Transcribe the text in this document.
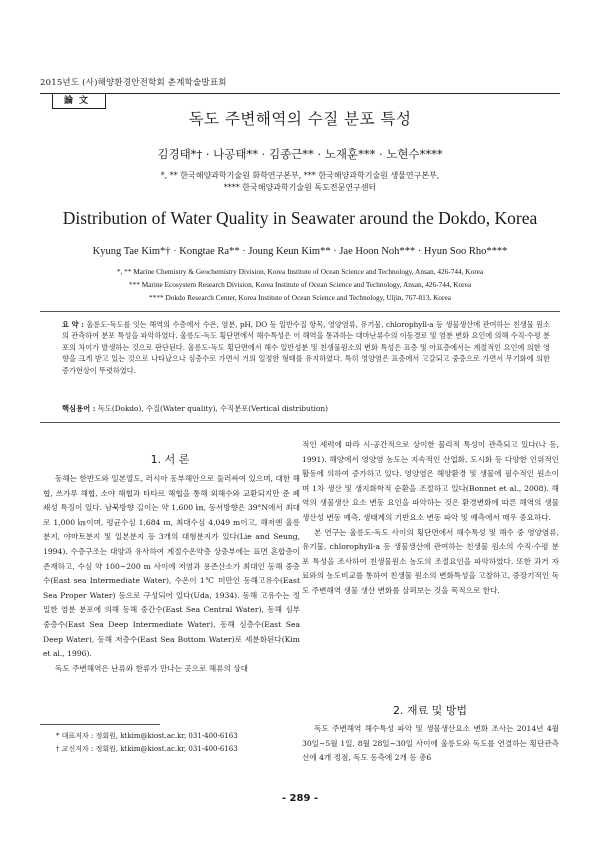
2015년도 (사)해양환경안전학회 춘계학술발표회
論文
독도 주변해역의 수질 분포 특성
김경태*† · 나공태** · 김종근** · 노재훈*** · 노현수****
*, ** 한국해양과학기술원 화학연구본부, *** 한국해양과학기술원 생물연구본부,
**** 한국해양과학기술원 독도전문연구센터
Distribution of Water Quality in Seawater around the Dokdo, Korea
Kyung Tae Kim*† · Kongtae Ra** · Joung Keun Kim** · Jae Hoon Noh*** · Hyun Soo Rho****
*, ** Marine Chemistry & Geochemistry Division, Korea Institute of Ocean Science and Technology, Ansan, 426-744, Korea
*** Marine Ecosystem Research Division, Korea Institute of Ocean Science and Technology, Ansan, 426-744, Korea
**** Dokdo Research Center, Korea Institute of Ocean Science and Technology, Uljin, 767-813, Korea
요 약 : 울릉도-독도를 잇는 해역의 수층에서 수온, 염분, pH, DO 등 일반수질 항목, 영양염류, 유기물, chlorophyll-a 등 생물생산에 관여하는 친생물 원소의 관측하여 분포 특성을 파악하였다. 울릉도-독도 횡단면에서 해수특성은 이 해역을 통과하는 대마난류수의 이동경로 및 염분 변화 요인에 의해 수직·수평 분포의 차이가 발생하는 것으로 판단된다. 울릉도-독도 횡단면에서 해수 일반성분 및 친생물원소의 변화 특성은 표층 및 아표층에서는 계절적인 요인에 의한 영향을 크게 받고 있는 것으로 나타났으나 심층수로 가면서 거의 일정한 형태를 유지하였다. 특히 영양염은 표층에서 고갈되고 중층으로 가면서 무기화에 의한 증가현상이 뚜렷하였다.
핵심용어 : 독도(Dokdo), 수질(Water quality), 수직분포(Vertical distribution)
1. 서 론

동해는 한반도와 일본열도, 러시아 동부해안으로 둘러싸여 있으며, 대한 해협, 쓰가루 해협, 소야 해협과 타타르 해협을 통해 외해수와 교환되지만 준 폐쇄성 특징이 있다. 남북방향 길이는 약 1,600 ㎞, 동서방향은 39°N에서 최대로 1,000 ㎞이며, 평균수심 1,684 m, 최대수심 4,049 m이고, 해저엔 울릉분지, 야마토분지 및 일본분지 등 3개의 대형분지가 있다(Lie and Seung, 1994). 수층구조는 대양과 유사하여 계절수온약층 상층부에는 표면 혼합층이 존재하고, 수심 약 100∼200 m 사이에 저염과 용존산소가 최대인 동해 중층수(East sea Intermediate Water), 수온이 1℃ 미만인 동해고유수(East Sea Proper Water) 등으로 구성되어 있다(Uda, 1934). 동해 고유수는 정밀한 염분 분포에 의해 동해 중간수(East Sea Central Water), 동해 심부 중층수(East Sea Deep Intermediate Water), 동해 심층수(East Sea Deep Water), 동해 저층수(East Sea Bottom Water)로 세분화된다(Kim et al., 1996).

독도 주변해역은 난류와 한류가 만나는 곳으로 해류의 상대

적인 세력에 따라 시·공간적으로 상이한 물리적 특성이 관측되고 있다(나 등, 1991). 해양에서 영양염 농도는 지속적인 산업화, 도시화 등 다양한 인위적인 활동에 의하여 증가하고 있다. 영양염은 해양환경 및 생물에 필수적인 원소이며 1차 생산 및 생지화학적 순환을 조절하고 있다(Bonnet et al., 2008). 해역의 생물생산 요소 변동 요인을 파악하는 것은 환경변화에 따른 해역의 생물생산성 변동 예측, 생태계의 기반요소 변동 파악 및 예측에서 매우 중요하다.

본 연구는 울릉도-독도 사이의 횡단면에서 해수특성 및 해수 중 영양염류, 유기물, chlorophyll-a 등 생물생산에 관여하는 친생물 원소의 수직·수평 분포 특성을 조사하여 친생물원소 농도의 조절요인을 파악하였다. 또한 과거 자료와의 농도비교를 통하여 친생물 원소의 변화특성을 고찰하고, 중장기적인 독도 주변해역 생물 생산 변화를 살펴보는 것을 목적으로 한다.

2. 재료 및 방법

독도 주변해역 해수특성 파악 및 생물생산요소 변화 조사는 2014년 4월 30일∼5월 1일, 8월 28일∼30일 사이에 울릉도와 독도를 연결하는 횡단관측선에 4개 정점, 독도 동측에 2개 등 총6

* 대표저자 : 정회원, ktkim@kiost.ac.kr, 031-400-6163
† 교신저자 : 정회원, ktkim@kiost.ac.kr, 031-400-6163
- 289 -
